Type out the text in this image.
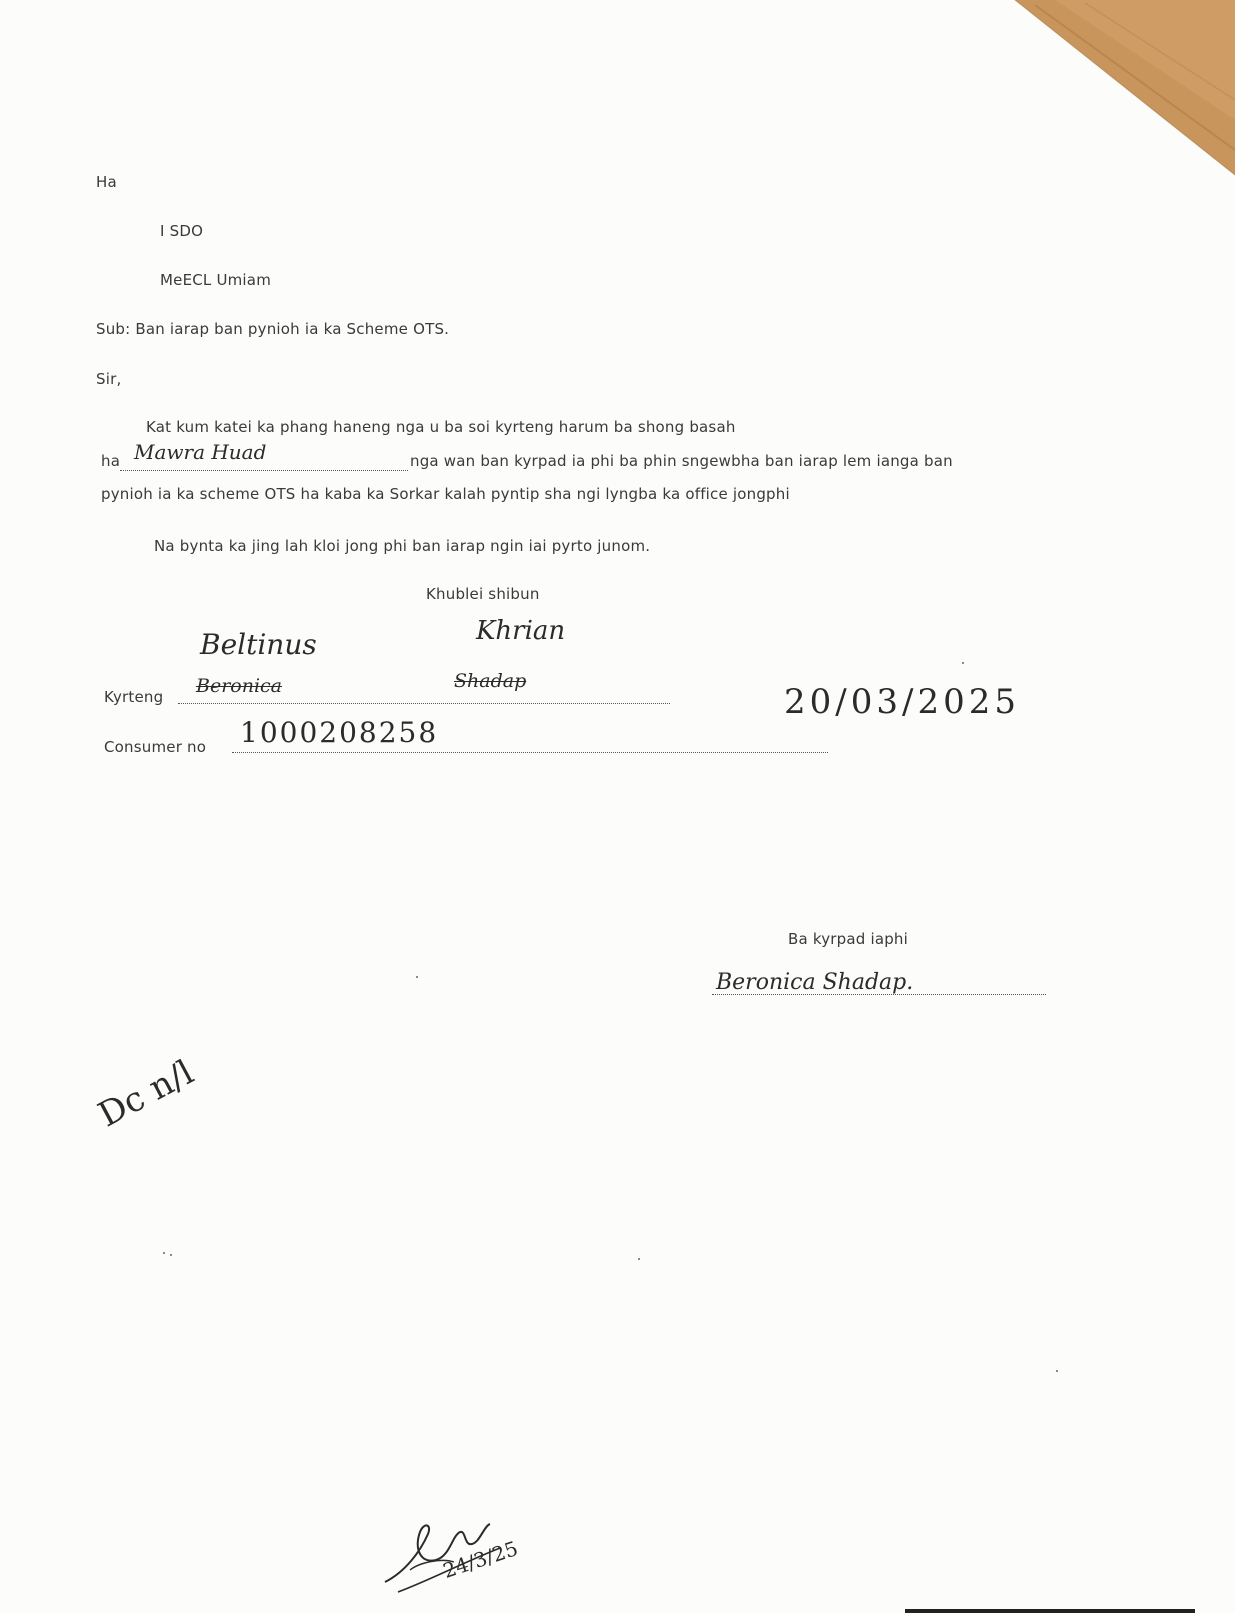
Ha
I SDO
MeECL Umiam
Sub: Ban iarap ban pynioh ia ka Scheme OTS.
Sir,
Kat kum katei ka phang haneng nga u ba soi kyrteng harum ba shong basah
ha Mawra Huad	nga wan ban kyrpad ia phi ba phin sngewbha ban iarap lem ianga ban
pynioh ia ka scheme OTS ha kaba ka Sorkar kalah pyntip sha ngi lyngba ka office jongphi
Na bynta ka jing lah kloi jong phi ban iarap ngin iai pyrto junom.
Khublei shibun
Beltinus	Khrian
Kyrteng Beronica	Shadap
20/03/2025
Consumer no 1000208258
Ba kyrpad iaphi
Beronica Shadap.
Dc n/l
24/3/25
